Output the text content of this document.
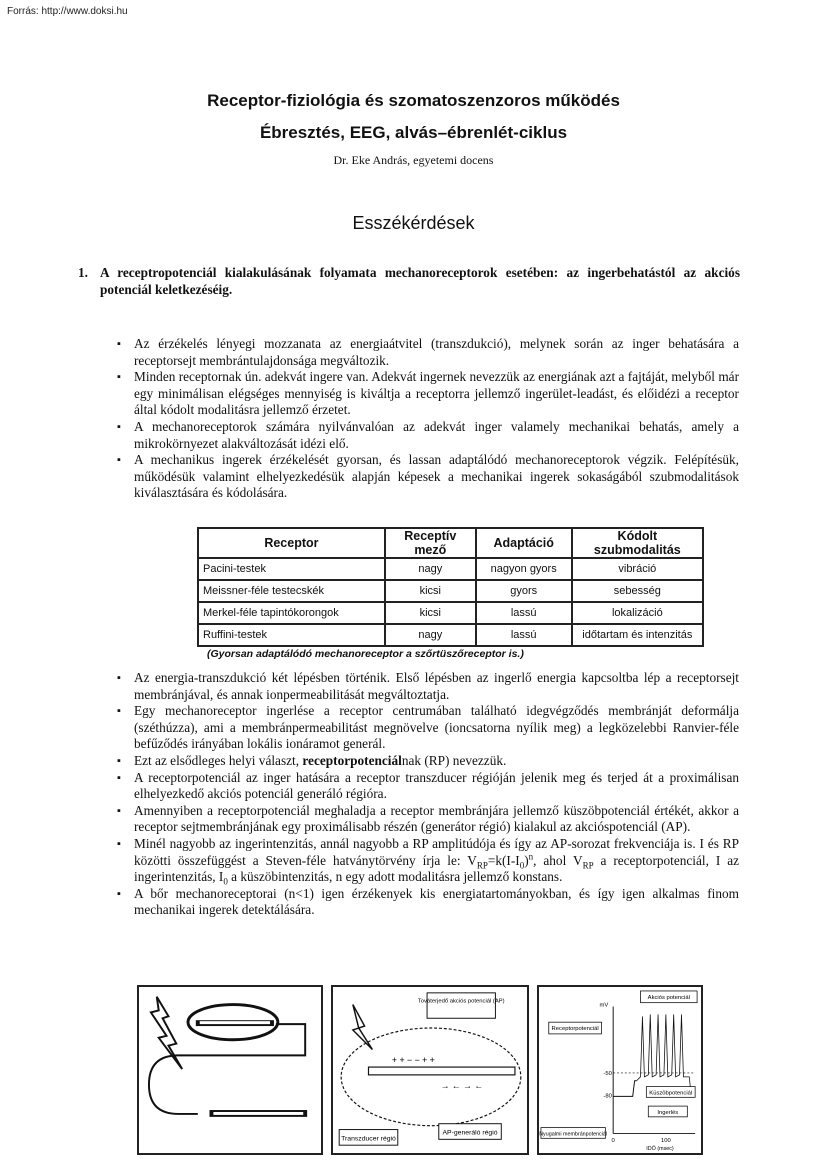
Forrás: http://www.doksi.hu
Receptor-fiziológia és szomatoszenzoros működés
Ébresztés, EEG, alvás–ébrenlét-ciklus
Dr. Eke András, egyetemi docens
Esszékérdések
1. A receptropotenciál kialakulásának folyamata mechanoreceptorok esetében: az ingerbehatástól az akciós potenciál keletkezéséig.
▪ Az érzékelés lényegi mozzanata az energiaátvitel (transzdukció), melynek során az inger behatására a receptorsejt membrántulajdonsága megváltozik.
▪ Minden receptornak ún. adekvát ingere van. Adekvát ingernek nevezzük az energiának azt a fajtáját, melyből már egy minimálisan elégséges mennyiség is kiváltja a receptorra jellemző ingerület-leadást, és előidézi a receptor által kódolt modalitásra jellemző érzetet.
▪ A mechanoreceptorok számára nyilvánvalóan az adekvát inger valamely mechanikai behatás, amely a mikrokörnyezet alakváltozását idézi elő.
▪ A mechanikus ingerek érzékelését gyorsan, és lassan adaptálódó mechanoreceptorok végzik. Felépítésük, működésük valamint elhelyezkedésük alapján képesek a mechanikai ingerek sokaságából szubmodalitások kiválasztására és kódolására.
Receptor	Receptív mező	Adaptáció	Kódolt szubmodalitás
Pacini-testek	nagy	nagyon gyors	vibráció
Meissner-féle testecskék	kicsi	gyors	sebesség
Merkel-féle tapintókorongok	kicsi	lassú	lokalizáció
Ruffini-testek	nagy	lassú	időtartam és intenzitás
(Gyorsan adaptálódó mechanoreceptor a szőrtüszőreceptor is.)
▪ Az energia-transzdukció két lépésben történik. Első lépésben az ingerlő energia kapcsoltba lép a receptorsejt membránjával, és annak ionpermeabilitását megváltoztatja.
▪ Egy mechanoreceptor ingerlése a receptor centrumában található idegvégződés membránját deformálja (széthúzza), ami a membránpermeabilitást megnövelve (ioncsatorna nyílik meg) a legközelebbi Ranvier-féle befűződés irányában lokális ionáramot generál.
▪ Ezt az elsődleges helyi választ, receptorpotenciálnak (RP) nevezzük.
▪ A receptorpotenciál az inger hatására a receptor transzducer régióján jelenik meg és terjed át a proximálisan elhelyezkedő akciós potenciál generáló régióra.
▪ Amennyiben a receptorpotenciál meghaladja a receptor membránjára jellemző küszöbpotenciál értékét, akkor a receptor sejtmembránjának egy proximálisabb részén (generátor régió) kialakul az akcióspotenciál (AP).
▪ Minél nagyobb az ingerintenzitás, annál nagyobb a RP amplitúdója és így az AP-sorozat frekvenciája is. I és RP közötti összefüggést a Steven-féle hatványtörvény írja le: $V_{RP}=k(I-I_0)^n$, ahol $V_{RP}$ a receptorpotenciál, I az ingerintenzitás, $I_0$ a küszöbintenzitás, n egy adott modalitásra jellemző konstans.
▪ A bőr mechanoreceptorai (n<1) igen érzékenyek kis energiatartományokban, és így igen alkalmas finom mechanikai ingerek detektálására.
Továterjedő akciós potenciál (AP)
+ + − − + +
→ ← → ←
Transzducer régió
AP-generáló régió
Akciós potenciál
mV
Receptorpotenciál
-50
-80	Küszöbpotenciál
Ingerlés
Nyugalmi membránpotenciál
0	100
IDŐ (msec)
